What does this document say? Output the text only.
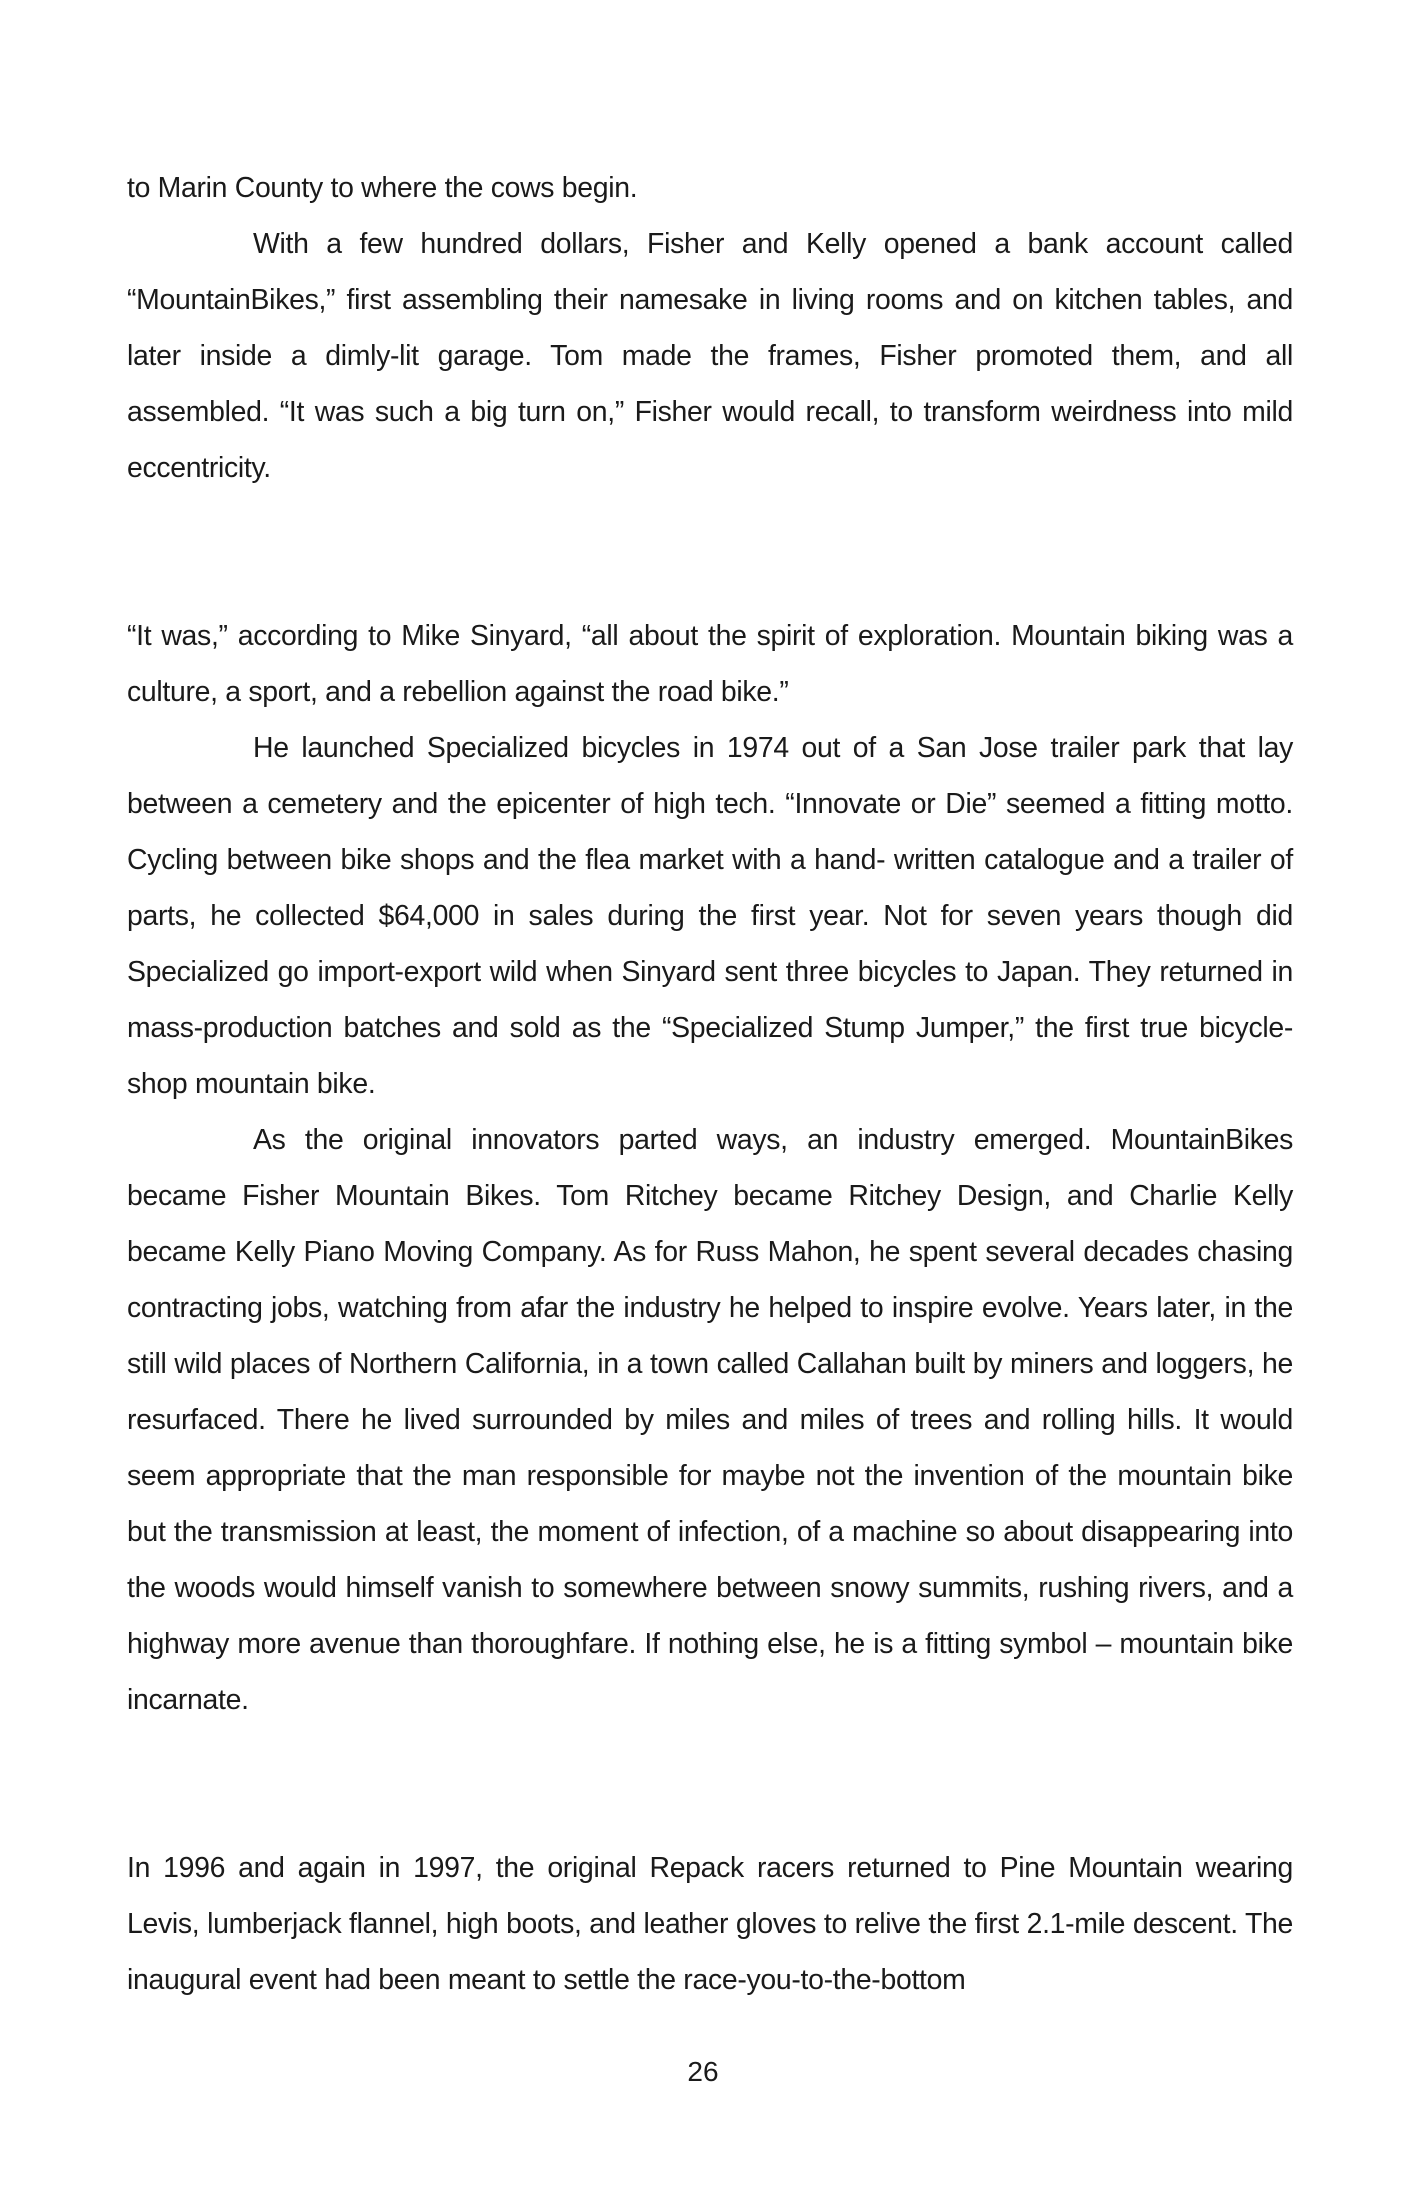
to Marin County to where the cows begin.

With a few hundred dollars, Fisher and Kelly opened a bank account called “MountainBikes,” first assembling their namesake in living rooms and on kitchen tables, and later inside a dimly-lit garage. Tom made the frames, Fisher promoted them, and all assembled. “It was such a big turn on,” Fisher would recall, to transform weirdness into mild eccentricity.

“It was,” according to Mike Sinyard, “all about the spirit of exploration. Mountain biking was a culture, a sport, and a rebellion against the road bike.”

He launched Specialized bicycles in 1974 out of a San Jose trailer park that lay between a cemetery and the epicenter of high tech. “Innovate or Die” seemed a fitting motto. Cycling between bike shops and the flea market with a hand- written catalogue and a trailer of parts, he collected $64,000 in sales during the first year. Not for seven years though did Specialized go import-export wild when Sinyard sent three bicycles to Japan. They returned in mass-production batches and sold as the “Specialized Stump Jumper,” the first true bicycle-shop mountain bike.

As the original innovators parted ways, an industry emerged. MountainBikes became Fisher Mountain Bikes. Tom Ritchey became Ritchey Design, and Charlie Kelly became Kelly Piano Moving Company. As for Russ Mahon, he spent several decades chasing contracting jobs, watching from afar the industry he helped to inspire evolve. Years later, in the still wild places of Northern California, in a town called Callahan built by miners and loggers, he resurfaced. There he lived surrounded by miles and miles of trees and rolling hills. It would seem appropriate that the man responsible for maybe not the invention of the mountain bike but the transmission at least, the moment of infection, of a machine so about disappearing into the woods would himself vanish to somewhere between snowy summits, rushing rivers, and a highway more avenue than thoroughfare. If nothing else, he is a fitting symbol – mountain bike incarnate.

In 1996 and again in 1997, the original Repack racers returned to Pine Mountain wearing Levis, lumberjack flannel, high boots, and leather gloves to relive the first 2.1-mile descent. The inaugural event had been meant to settle the race-you-to-the-bottom

26
